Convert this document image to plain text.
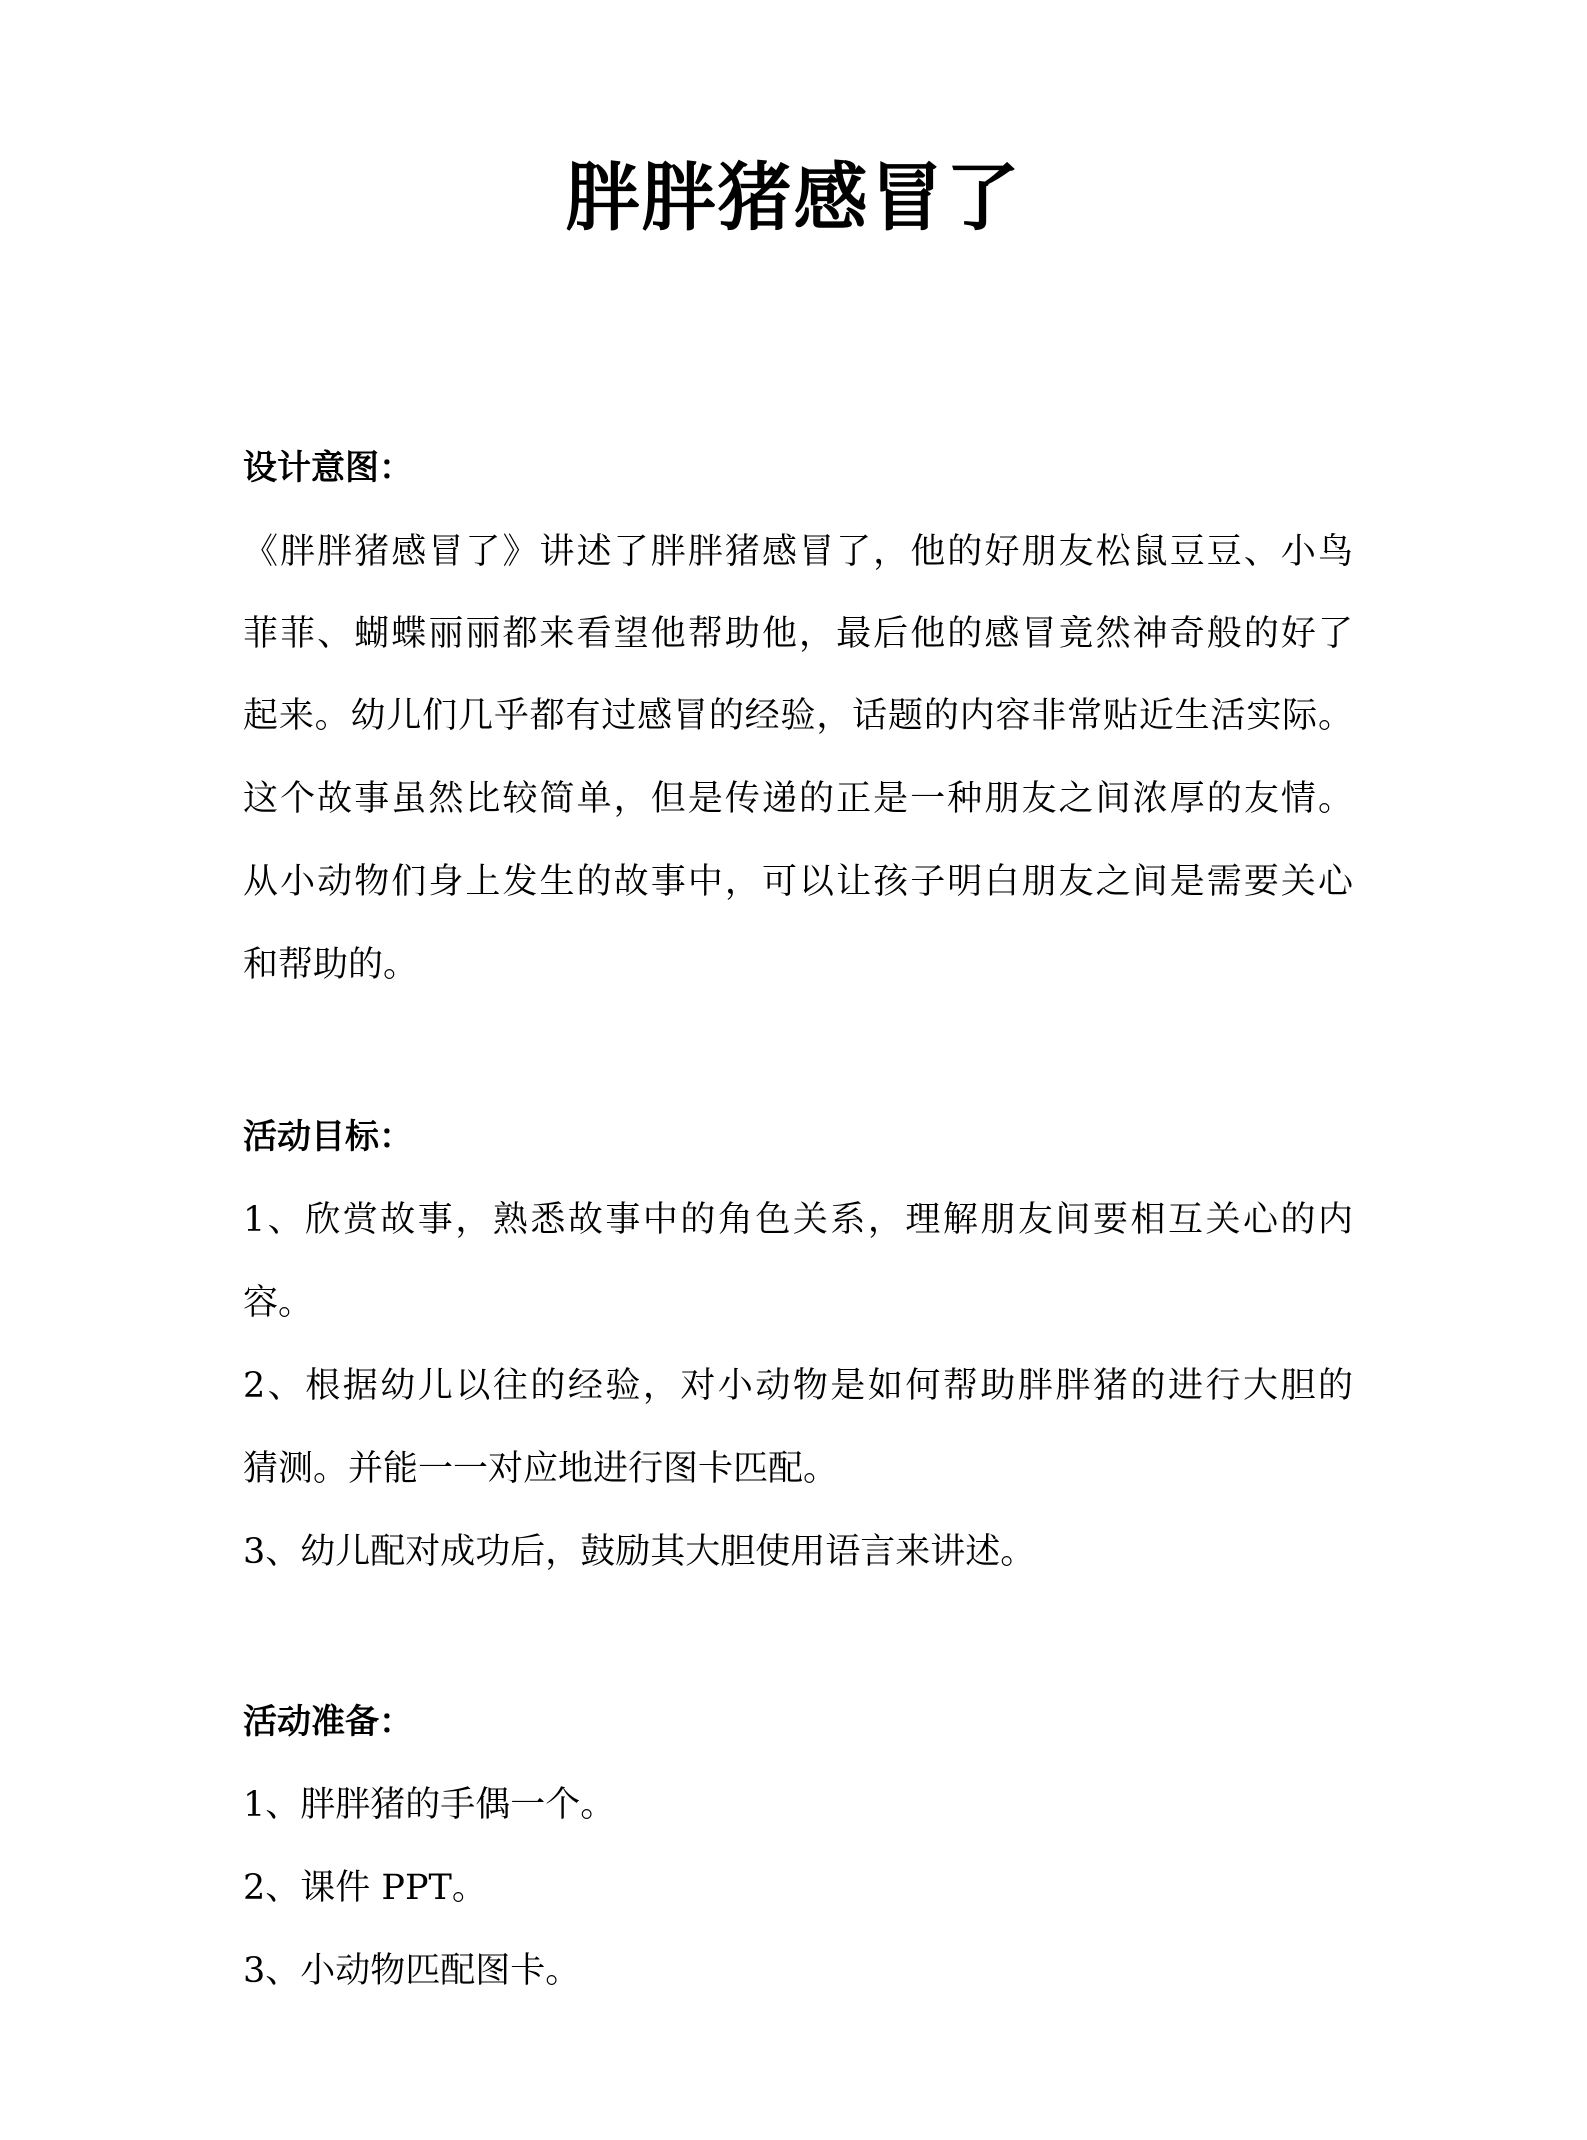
胖胖猪感冒了
设计意图：
《胖胖猪感冒了》讲述了胖胖猪感冒了，他的好朋友松鼠豆豆、小鸟
菲菲、蝴蝶丽丽都来看望他帮助他，最后他的感冒竟然神奇般的好了
起来。幼儿们几乎都有过感冒的经验，话题的内容非常贴近生活实际。
这个故事虽然比较简单，但是传递的正是一种朋友之间浓厚的友情。
从小动物们身上发生的故事中，可以让孩子明白朋友之间是需要关心
和帮助的。
活动目标：
1、欣赏故事，熟悉故事中的角色关系，理解朋友间要相互关心的内
容。
2、根据幼儿以往的经验，对小动物是如何帮助胖胖猪的进行大胆的
猜测。并能一一对应地进行图卡匹配。
3、幼儿配对成功后，鼓励其大胆使用语言来讲述。
活动准备：
1、胖胖猪的手偶一个。
2、课件 PPT。
3、小动物匹配图卡。
